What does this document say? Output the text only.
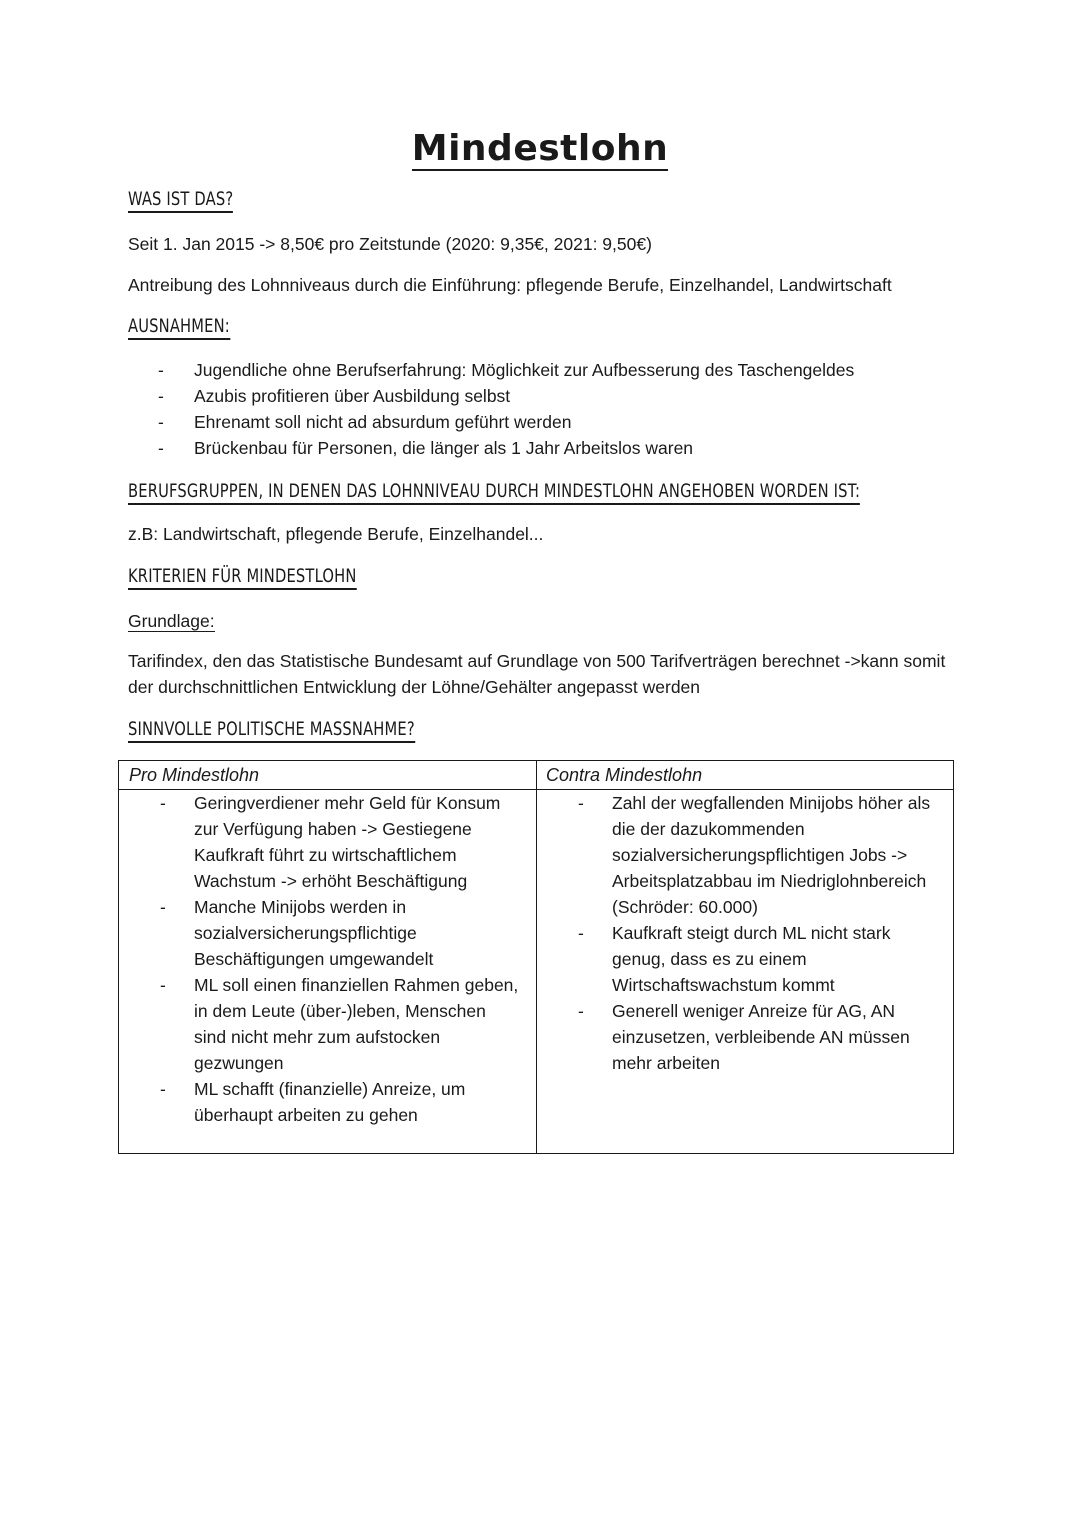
Mindestlohn
WAS IST DAS?
Seit 1. Jan 2015 -> 8,50€ pro Zeitstunde (2020: 9,35€, 2021: 9,50€)
Antreibung des Lohnniveaus durch die Einführung: pflegende Berufe, Einzelhandel, Landwirtschaft
AUSNAHMEN:
- Jugendliche ohne Berufserfahrung: Möglichkeit zur Aufbesserung des Taschengeldes
- Azubis profitieren über Ausbildung selbst
- Ehrenamt soll nicht ad absurdum geführt werden
- Brückenbau für Personen, die länger als 1 Jahr Arbeitslos waren
BERUFSGRUPPEN, IN DENEN DAS LOHNNIVEAU DURCH MINDESTLOHN ANGEHOBEN WORDEN IST:
z.B: Landwirtschaft, pflegende Berufe, Einzelhandel...
KRITERIEN FÜR MINDESTLOHN
Grundlage:
Tarifindex, den das Statistische Bundesamt auf Grundlage von 500 Tarifverträgen berechnet ->kann somit der durchschnittlichen Entwicklung der Löhne/Gehälter angepasst werden
SINNVOLLE POLITISCHE MASSNAHME?
Pro Mindestlohn
- Geringverdiener mehr Geld für Konsum zur Verfügung haben -> Gestiegene Kaufkraft führt zu wirtschaftlichem Wachstum -> erhöht Beschäftigung
- Manche Minijobs werden in sozialversicherungspflichtige Beschäftigungen umgewandelt
- ML soll einen finanziellen Rahmen geben, in dem Leute (über-)leben, Menschen sind nicht mehr zum aufstocken gezwungen
- ML schafft (finanzielle) Anreize, um überhaupt arbeiten zu gehen
Contra Mindestlohn
- Zahl der wegfallenden Minijobs höher als die der dazukommenden sozialversicherungspflichtigen Jobs -> Arbeitsplatzabbau im Niedriglohnbereich (Schröder: 60.000)
- Kaufkraft steigt durch ML nicht stark genug, dass es zu einem Wirtschaftswachstum kommt
- Generell weniger Anreize für AG, AN einzusetzen, verbleibende AN müssen mehr arbeiten
